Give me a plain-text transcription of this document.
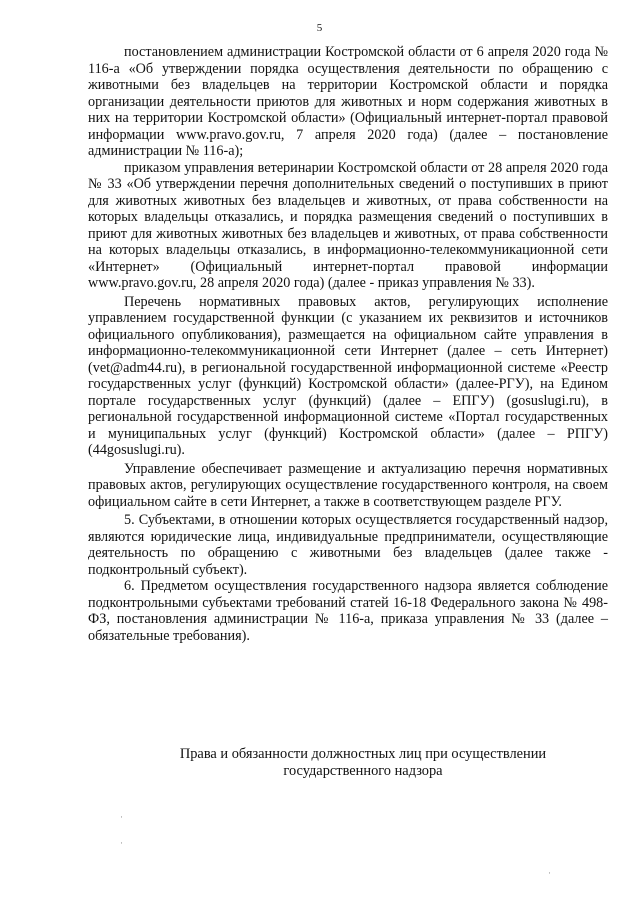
5

постановлением администрации Костромской области от 6 апреля 2020 года № 116-а «Об утверждении порядка осуществления деятельности по обращению с животными без владельцев на территории Костромской области и порядка организации деятельности приютов для животных и норм содержания животных в них на территории Костромской области» (Официальный интернет-портал правовой информации www.pravo.gov.ru, 7 апреля 2020 года) (далее – постановление администрации № 116-а);

приказом управления ветеринарии Костромской области от 28 апреля 2020 года № 33 «Об утверждении перечня дополнительных сведений о поступивших в приют для животных животных без владельцев и животных, от права собственности на которых владельцы отказались, и порядка размещения сведений о поступивших в приют для животных животных без владельцев и животных, от права собственности на которых владельцы отказались, в информационно-телекоммуникационной сети «Интернет» (Официальный интернет-портал правовой информации www.pravo.gov.ru, 28 апреля 2020 года) (далее - приказ управления № 33).

Перечень нормативных правовых актов, регулирующих исполнение управлением государственной функции (с указанием их реквизитов и источников официального опубликования), размещается на официальном сайте управления в информационно-телекоммуникационной сети Интернет (далее – сеть Интернет) (vet@adm44.ru), в региональной государственной информационной системе «Реестр государственных услуг (функций) Костромской области» (далее-РГУ), на Едином портале государственных услуг (функций) (далее – ЕПГУ) (gosuslugi.ru), в региональной государственной информационной системе «Портал государственных и муниципальных услуг (функций) Костромской области» (далее – РПГУ) (44gosuslugi.ru).

Управление обеспечивает размещение и актуализацию перечня нормативных правовых актов, регулирующих осуществление государственного контроля, на своем официальном сайте в сети Интернет, а также в соответствующем разделе РГУ.

5. Субъектами, в отношении которых осуществляется государственный надзор, являются юридические лица, индивидуальные предприниматели, осуществляющие деятельность по обращению с животными без владельцев (далее также - подконтрольный субъект).

6. Предметом осуществления государственного надзора является соблюдение подконтрольными субъектами требований статей 16-18 Федерального закона № 498-ФЗ, постановления администрации № 116-а, приказа управления № 33 (далее – обязательные требования).

Права и обязанности должностных лиц при осуществлении
государственного надзора
·
·
·
